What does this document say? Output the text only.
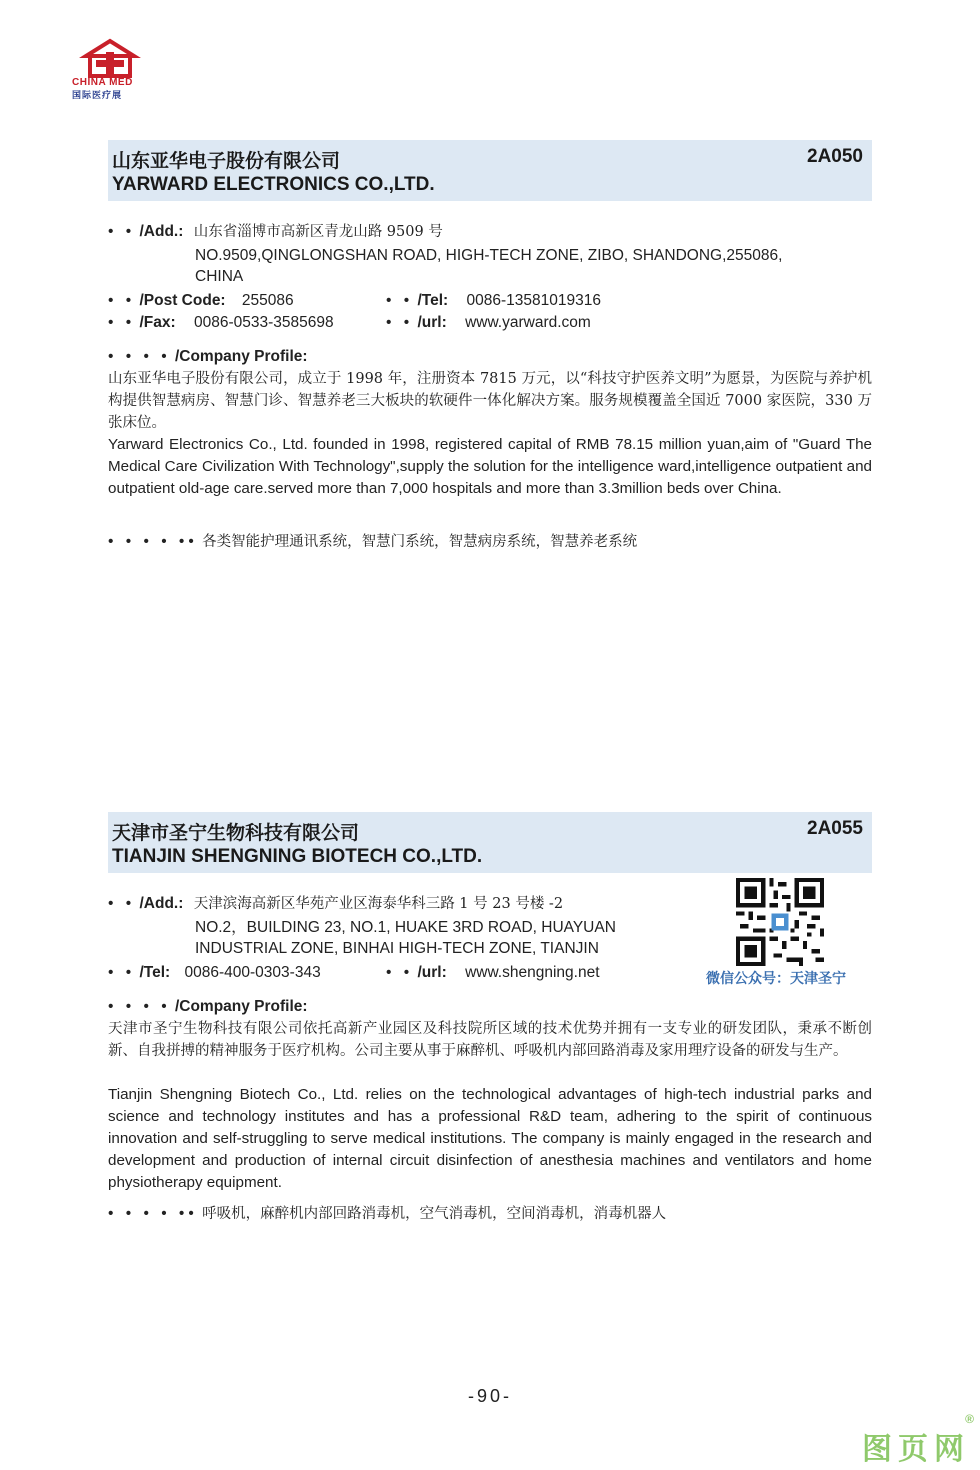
CHINA MED
国际医疗展
山东亚华电子股份有限公司
YARWARD ELECTRONICS CO.,LTD.
2A050
• • /Add.: 山东省淄博市高新区青龙山路 9509 号
NO.9509,QINGLONGSHAN ROAD, HIGH-TECH ZONE, ZIBO, SHANDONG,255086,
CHINA
• • /Post Code: 255086	• • /Tel: 0086-13581019316
• • /Fax: 0086-0533-3585698	• • /url: www.yarward.com
• • • • /Company Profile:
山东亚华电子股份有限公司，成立于 1998 年，注册资本 7815 万元，以“科技守护医养文明”为愿景，为医院与养护机构提供智慧病房、智慧门诊、智慧养老三大板块的软硬件一体化解决方案。服务规模覆盖全国近 7000 家医院，330 万张床位。
Yarward Electronics Co., Ltd. founded in 1998, registered capital of RMB 78.15 million yuan,aim of "Guard The Medical Care Civilization With Technology",supply the solution for the intelligence ward,intelligence outpatient and outpatient old-age care.served more than 7,000 hospitals and more than 3.3million beds over China.
• • • • •• 各类智能护理通讯系统，智慧门系统，智慧病房系统，智慧养老系统
天津市圣宁生物科技有限公司
TIANJIN SHENGNING BIOTECH CO.,LTD.
2A055
• • /Add.: 天津滨海高新区华苑产业区海泰华科三路 1 号 23 号楼 -2
NO.2，BUILDING 23, NO.1, HUAKE 3RD ROAD, HUAYUAN
INDUSTRIAL ZONE, BINHAI HIGH-TECH ZONE, TIANJIN
• • /Tel: 0086-400-0303-343	• • /url: www.shengning.net	微信公众号：天津圣宁
• • • • /Company Profile:
天津市圣宁生物科技有限公司依托高新产业园区及科技院所区域的技术优势并拥有一支专业的研发团队，秉承不断创新、自我拼搏的精神服务于医疗机构。公司主要从事于麻醉机、呼吸机内部回路消毒及家用理疗设备的研发与生产。
Tianjin Shengning Biotech Co., Ltd. relies on the technological advantages of high-tech industrial parks and science and technology institutes and has a professional R&D team, adhering to the spirit of continuous innovation and self-struggling to serve medical institutions. The company is mainly engaged in the research and development and production of internal circuit disinfection of anesthesia machines and ventilators and home physiotherapy equipment.
• • • • •• 呼吸机，麻醉机内部回路消毒机，空气消毒机，空间消毒机，消毒机器人
-90-
图页网
®
